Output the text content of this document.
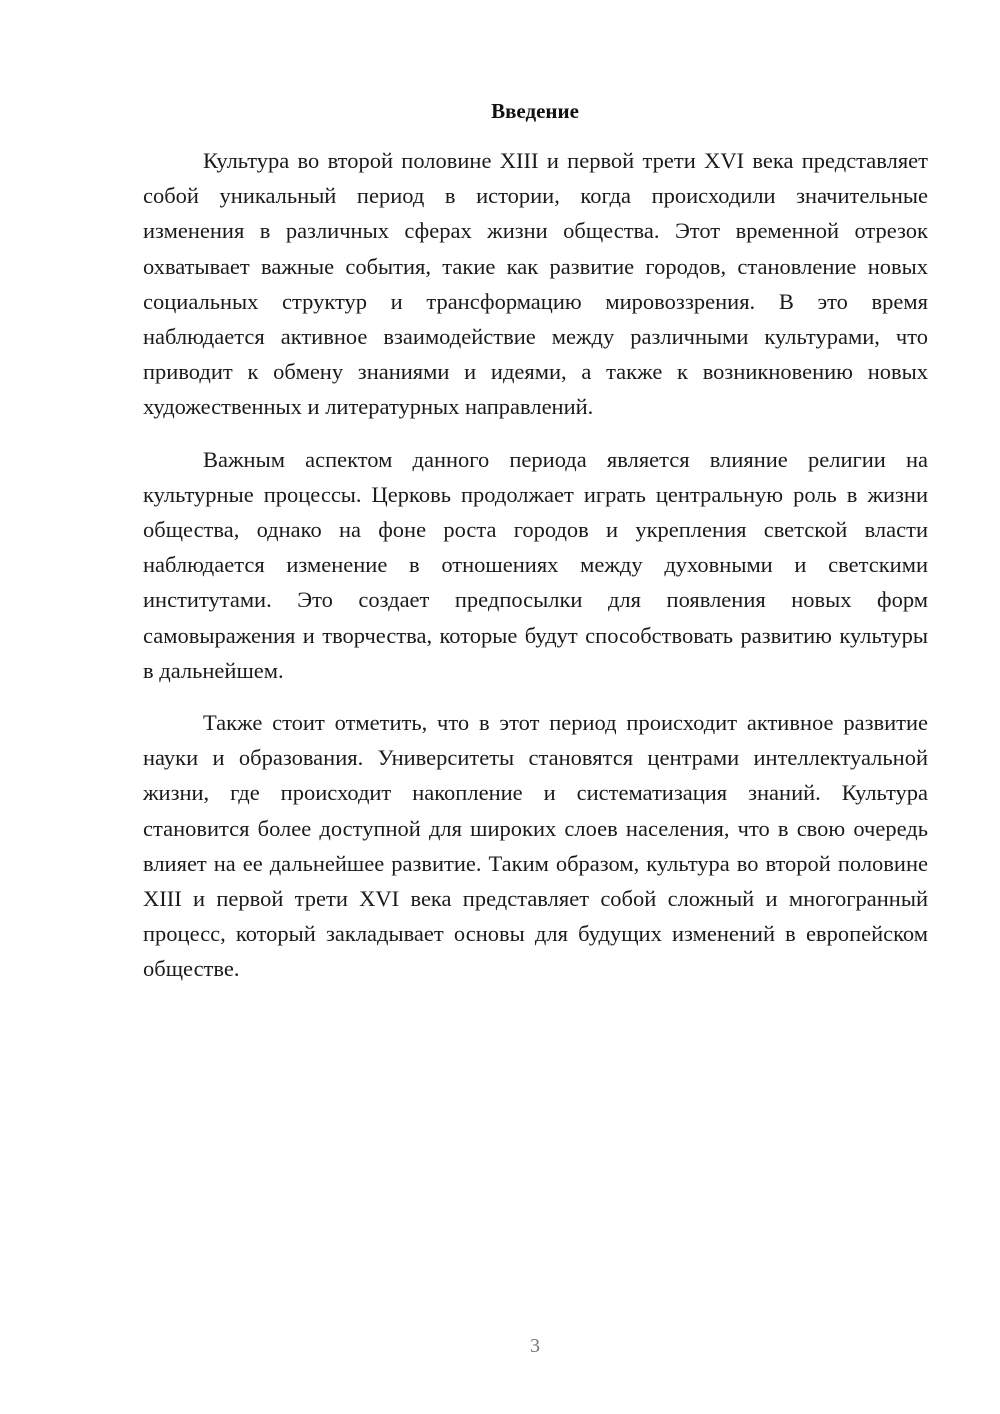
Введение

Культура во второй половине XIII и первой трети XVI века представляет собой уникальный период в истории, когда происходили значительные изменения в различных сферах жизни общества. Этот временной отрезок охватывает важные события, такие как развитие городов, становление новых социальных структур и трансформацию мировоззрения. В это время наблюдается активное взаимодействие между различными культурами, что приводит к обмену знаниями и идеями, а также к возникновению новых художественных и литературных направлений.

Важным аспектом данного периода является влияние религии на культурные процессы. Церковь продолжает играть центральную роль в жизни общества, однако на фоне роста городов и укрепления светской власти наблюдается изменение в отношениях между духовными и светскими институтами. Это создает предпосылки для появления новых форм самовыражения и творчества, которые будут способствовать развитию культуры в дальнейшем.

Также стоит отметить, что в этот период происходит активное развитие науки и образования. Университеты становятся центрами интеллектуальной жизни, где происходит накопление и систематизация знаний. Культура становится более доступной для широких слоев населения, что в свою очередь влияет на ее дальнейшее развитие. Таким образом, культура во второй половине XIII и первой трети XVI века представляет собой сложный и многогранный процесс, который закладывает основы для будущих изменений в европейском обществе.

3
